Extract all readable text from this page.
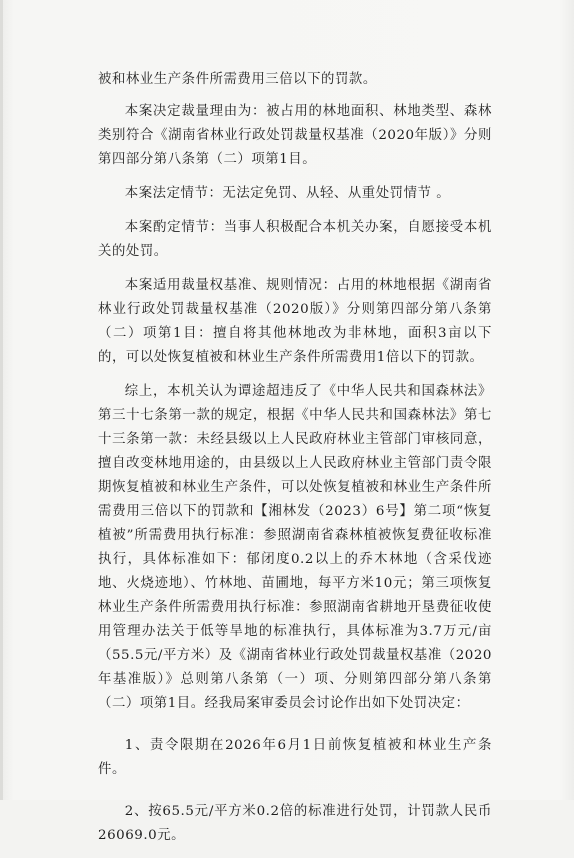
被和林业生产条件所需费用三倍以下的罚款。

本案决定裁量理由为：被占用的林地面积、林地类型、森林类别符合《湖南省林业行政处罚裁量权基准（2020年版）》分则第四部分第八条第（二）项第1目。

本案法定情节：无法定免罚、从轻、从重处罚情节 。

本案酌定情节：当事人积极配合本机关办案，自愿接受本机关的处罚。

本案适用裁量权基准、规则情况：占用的林地根据《湖南省林业行政处罚裁量权基准（2020版）》分则第四部分第八条第（二）项第1目：擅自将其他林地改为非林地，面积3亩以下的，可以处恢复植被和林业生产条件所需费用1倍以下的罚款。

综上，本机关认为谭途超违反了《中华人民共和国森林法》第三十七条第一款的规定，根据《中华人民共和国森林法》第七十三条第一款：未经县级以上人民政府林业主管部门审核同意，擅自改变林地用途的，由县级以上人民政府林业主管部门责令限期恢复植被和林业生产条件，可以处恢复植被和林业生产条件所需费用三倍以下的罚款和【湘林发（2023）6号】第二项“恢复植被”所需费用执行标准：参照湖南省森林植被恢复费征收标准执行，具体标准如下：郁闭度0.2以上的乔木林地（含采伐迹地、火烧迹地）、竹林地、苗圃地，每平方米10元；第三项恢复林业生产条件所需费用执行标准：参照湖南省耕地开垦费征收使用管理办法关于低等旱地的标准执行，具体标准为3.7万元/亩（55.5元/平方米）及《湖南省林业行政处罚裁量权基准（2020年基准版）》总则第八条第（一）项、分则第四部分第八条第（二）项第1目。经我局案审委员会讨论作出如下处罚决定：

1、责令限期在2026年6月1日前恢复植被和林业生产条件。

2、按65.5元/平方米0.2倍的标准进行处罚，计罚款人民币26069.0元。
